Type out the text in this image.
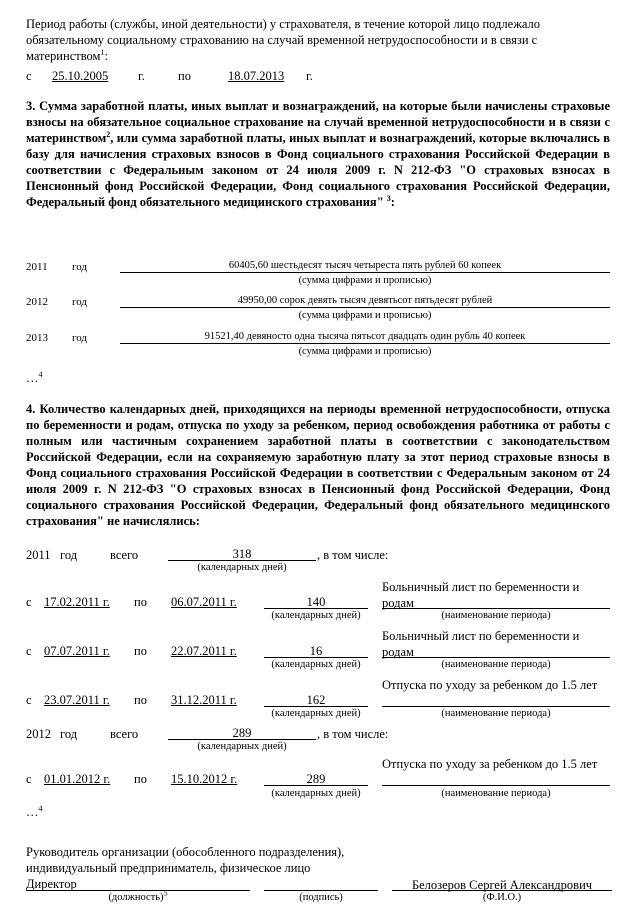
Период работы (службы, иной деятельности) у страхователя, в течение которой лицо подлежало обязательному социальному страхованию на случай временной нетрудоспособности и в связи с материнством$^1$:
с 25.10.2005 г.	по	18.07.2013 г.
3. Сумма заработной платы, иных выплат и вознаграждений, на которые были начислены страховые взносы на обязательное социальное страхование на случай временной нетрудоспособности и в связи с материнством$^2$, или сумма заработной платы, иных выплат и вознаграждений, которые включались в базу для начисления страховых взносов в Фонд социального страхования Российской Федерации в соответствии с Федеральным законом от 24 июля 2009 г. N 212-ФЗ "О страховых взносах в Пенсионный фонд Российской Федерации, Фонд социального страхования Российской Федерации, Федеральный фонд обязательного медицинского страхования" $^3$:
2011 год	60405,60 шестьдесят тысяч четыреста пять рублей 60 копеек
(сумма цифрами и прописью)
2012 год	49950,00 сорок девять тысяч девятьсот пятьдесят рублей
(сумма цифрами и прописью)
2013 год	91521,40 девяносто одна тысяча пятьсот двадцать один рубль 40 копеек
(сумма цифрами и прописью)
…$^4$
4. Количество календарных дней, приходящихся на периоды временной нетрудоспособности, отпуска по беременности и родам, отпуска по уходу за ребенком, период освобождения работника от работы с полным или частичным сохранением заработной платы в соответствии с законодательством Российской Федерации, если на сохраняемую заработную плату за этот период страховые взносы в Фонд социального страхования Российской Федерации в соответствии с Федеральным законом от 24 июля 2009 г. N 212-ФЗ "О страховых взносах в Пенсионный фонд Российской Федерации, Фонд социального страхования Российской Федерации, Федеральный фонд обязательного медицинского страхования" не начислялись:
2011 год	всего	318	, в том числе:
(календарных дней)
с 17.02.2011 г. по 06.07.2011 г.	140
(календарных дней)
Больничный лист по беременности и родам
(наименование периода)
с 07.07.2011 г. по 22.07.2011 г.	16
(календарных дней)
Больничный лист по беременности и родам
(наименование периода)
с 23.07.2011 г. по 31.12.2011 г.	162
(календарных дней)
Отпуска по уходу за ребенком до 1.5 лет
(наименование периода)
2012 год	всего	289	, в том числе:
(календарных дней)
с 01.01.2012 г. по 15.10.2012 г.	289
(календарных дней)
Отпуска по уходу за ребенком до 1.5 лет
(наименование периода)
…$^4$
Руководитель организации (обособленного подразделения),
индивидуальный предприниматель, физическое лицо
Директор
(должность)$^5$	(подпись)
Белозеров Сергей Александрович
(Ф.И.О.)
